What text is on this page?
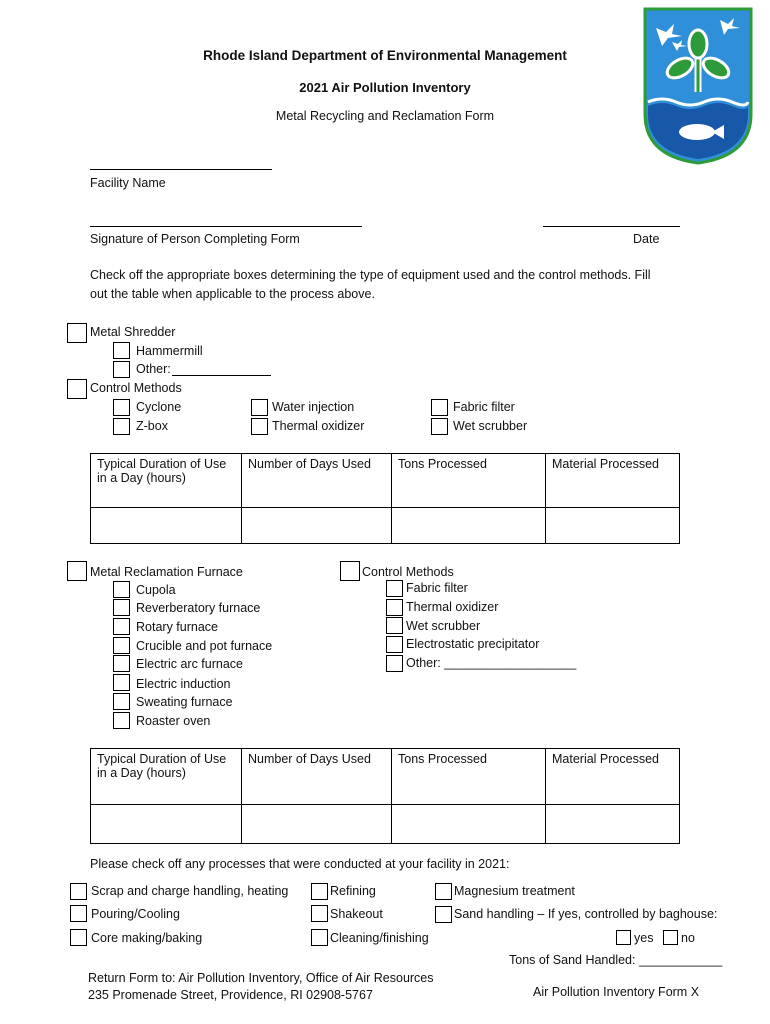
Rhode Island Department of Environmental Management
2021 Air Pollution Inventory
Metal Recycling and Reclamation Form
Facility Name
Signature of Person Completing Form	Date
Check off the appropriate boxes determining the type of equipment used and the control methods. Fill
out the table when applicable to the process above.
Metal Shredder
Hammermill
Other:
Control Methods
Cyclone
Z-box
Water injection
Thermal oxidizer
Fabric filter
Wet scrubber
Typical Duration of Use
in a Day (hours)	Number of Days Used	Tons Processed	Material Processed

Metal Reclamation Furnace
Cupola
Reverberatory furnace
Rotary furnace
Crucible and pot furnace
Electric arc furnace
Electric induction
Sweating furnace
Roaster oven
Control Methods
Fabric filter
Thermal oxidizer
Wet scrubber
Electrostatic precipitator
Other: ___________________
Typical Duration of Use
in a Day (hours)	Number of Days Used	Tons Processed	Material Processed

Please check off any processes that were conducted at your facility in 2021:
Scrap and charge handling, heating
Pouring/Cooling
Core making/baking
Refining
Shakeout
Cleaning/finishing
Magnesium treatment
Sand handling – If yes, controlled by baghouse:
yes no
Tons of Sand Handled: ____________
Return Form to: Air Pollution Inventory, Office of Air Resources
235 Promenade Street, Providence, RI 02908-5767	Air Pollution Inventory Form X
